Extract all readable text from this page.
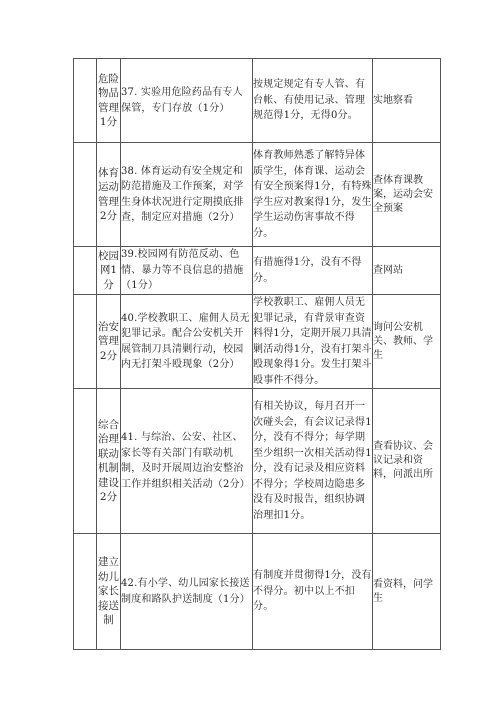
	危险物品管理1分	37. 实验用危险药品有专人保管，专门存放（1分）	按规定规定有专人管、有台帐、有使用记录、管理规范得1分，无得0分。	实地察看
	体育运动管理2分	38. 体育运动有安全规定和防范措施及工作预案，对学生身体状况进行定期摸底排查，制定应对措施（2分）	体育教师熟悉了解特异体质学生，体育课、运动会有安全预案得1分，有特殊学生应对教案得1分，发生学生运动伤害事故不得分。	查体育课教案，运动会安全预案
	校园网1分	39.校园网有防范反动、色情、暴力等不良信息的措施（1分）	有措施得1分，没有不得分。	查网站
	治安管理2分	40.学校教职工、雇佣人员无犯罪记录。配合公安机关开展管制刀具清剿行动，校园内无打架斗殴现象（2分）	学校教职工、雇佣人员无犯罪记录，有背景审查资料得1分，定期开展刀具清剿活动得1分，没有打架斗殴现象得1分。发生打架斗殴事件不得分。	询问公安机关、教师、学生
	综合治理联动机制建设2分	41. 与综治、公安、社区、家长等有关部门有联动机制，及时开展周边治安整治工作并组织相关活动（2分）	有相关协议，每月召开一次碰头会，有会议记录得1分，没有不得分；每学期至少组织一次相关活动得1分，没有记录及相应资料不得分；学校周边隐患多没有及时报告，组织协调治理扣1分。	查看协议、会议记录和资料，问派出所
	建立幼儿家长接送制	42.有小学、幼儿园家长接送制度和路队护送制度（1分）	有制度并贯彻得1分，没有不得分。初中以上不扣分。	看资料，问学生
